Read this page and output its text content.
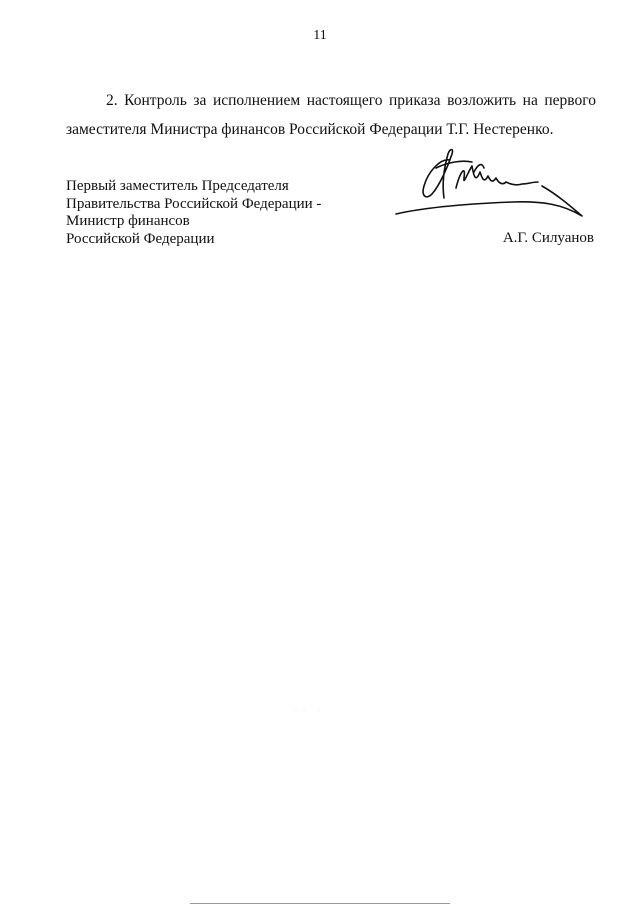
11

2. Контроль за исполнением настоящего приказа возложить на первого заместителя Министра финансов Российской Федерации Т.Г. Нестеренко.

Первый заместитель Председателя
Правительства Российской Федерации -
Министр финансов
Российской Федерации	А.Г. Силуанов
·· ·
